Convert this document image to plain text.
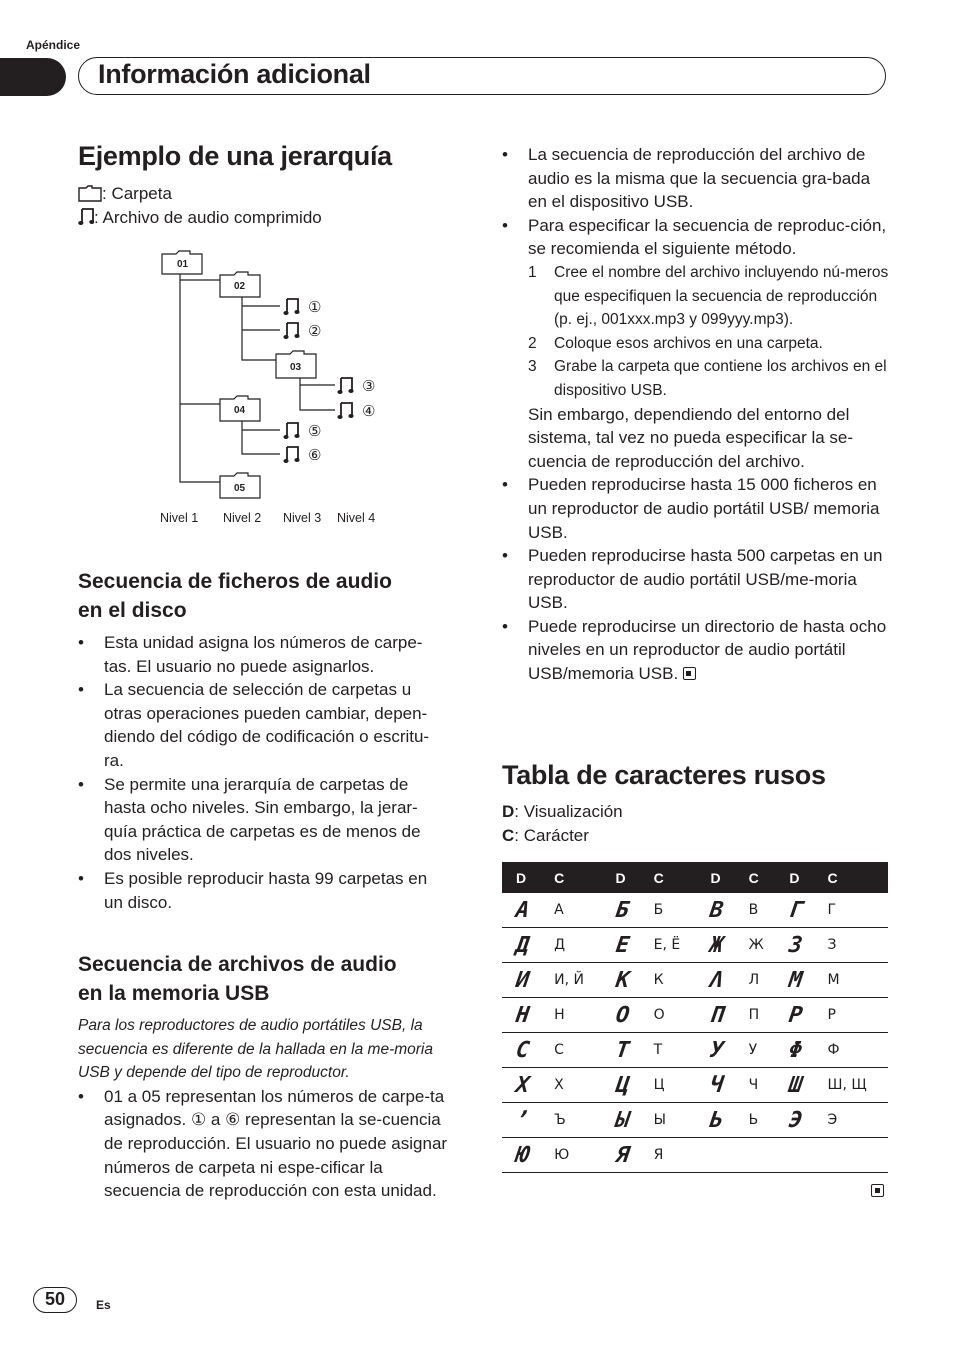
Apéndice
Información adicional
Ejemplo de una jerarquía
: Carpeta
: Archivo de audio comprimido
01
02
03
04
05
①
②
③
④
⑤
⑥
Nivel 1 Nivel 2 Nivel 3 Nivel 4
Secuencia de ficheros de audio
en el disco
• Esta unidad asigna los números de carpe-tas. El usuario no puede asignarlos.
• La secuencia de selección de carpetas u otras operaciones pueden cambiar, depen-diendo del código de codificación o escritu-ra.
• Se permite una jerarquía de carpetas de hasta ocho niveles. Sin embargo, la jerar-quía práctica de carpetas es de menos de dos niveles.
• Es posible reproducir hasta 99 carpetas en un disco.
Secuencia de archivos de audio
en la memoria USB
Para los reproductores de audio portátiles USB, la secuencia es diferente de la hallada en la me-moria USB y depende del tipo de reproductor.
• 01 a 05 representan los números de carpe-ta asignados. ① a ⑥ representan la se-cuencia de reproducción. El usuario no puede asignar números de carpeta ni espe-cificar la secuencia de reproducción con esta unidad.
• La secuencia de reproducción del archivo de audio es la misma que la secuencia gra-bada en el dispositivo USB.
• Para especificar la secuencia de reproduc-ción, se recomienda el siguiente método.
1 Cree el nombre del archivo incluyendo nú-meros que especifiquen la secuencia de reproducción (p. ej., 001xxx.mp3 y 099yyy.mp3).
2 Coloque esos archivos en una carpeta.
3 Grabe la carpeta que contiene los archivos en el dispositivo USB.
Sin embargo, dependiendo del entorno del sistema, tal vez no pueda especificar la se-cuencia de reproducción del archivo.
• Pueden reproducirse hasta 15 000 ficheros en un reproductor de audio portátil USB/ memoria USB.
• Pueden reproducirse hasta 500 carpetas en un reproductor de audio portátil USB/me-moria USB.
• Puede reproducirse un directorio de hasta ocho niveles en un reproductor de audio portátil USB/memoria USB.
Tabla de caracteres rusos
D: Visualización
C: Carácter
D	C	D	C	D	C	D	C
Α	А	Б	Б	В	В	Γ	Г
Д	Д	Ε	Е, Ё	Ж	Ж	З	З
И	И, Й	К	К	Λ	Л	М	М
Η	Н	Ο	О	Π	П	Ρ	Р
Ϲ	С	Τ	Т	У	У	Φ	Ф
Χ	Х	Ц	Ц	Ч	Ч	Ш	Ш, Щ
ʼ	Ъ	Ы	Ы	Ь	Ь	Э	Э
Ю	Ю	Я	Я				
50	Es
